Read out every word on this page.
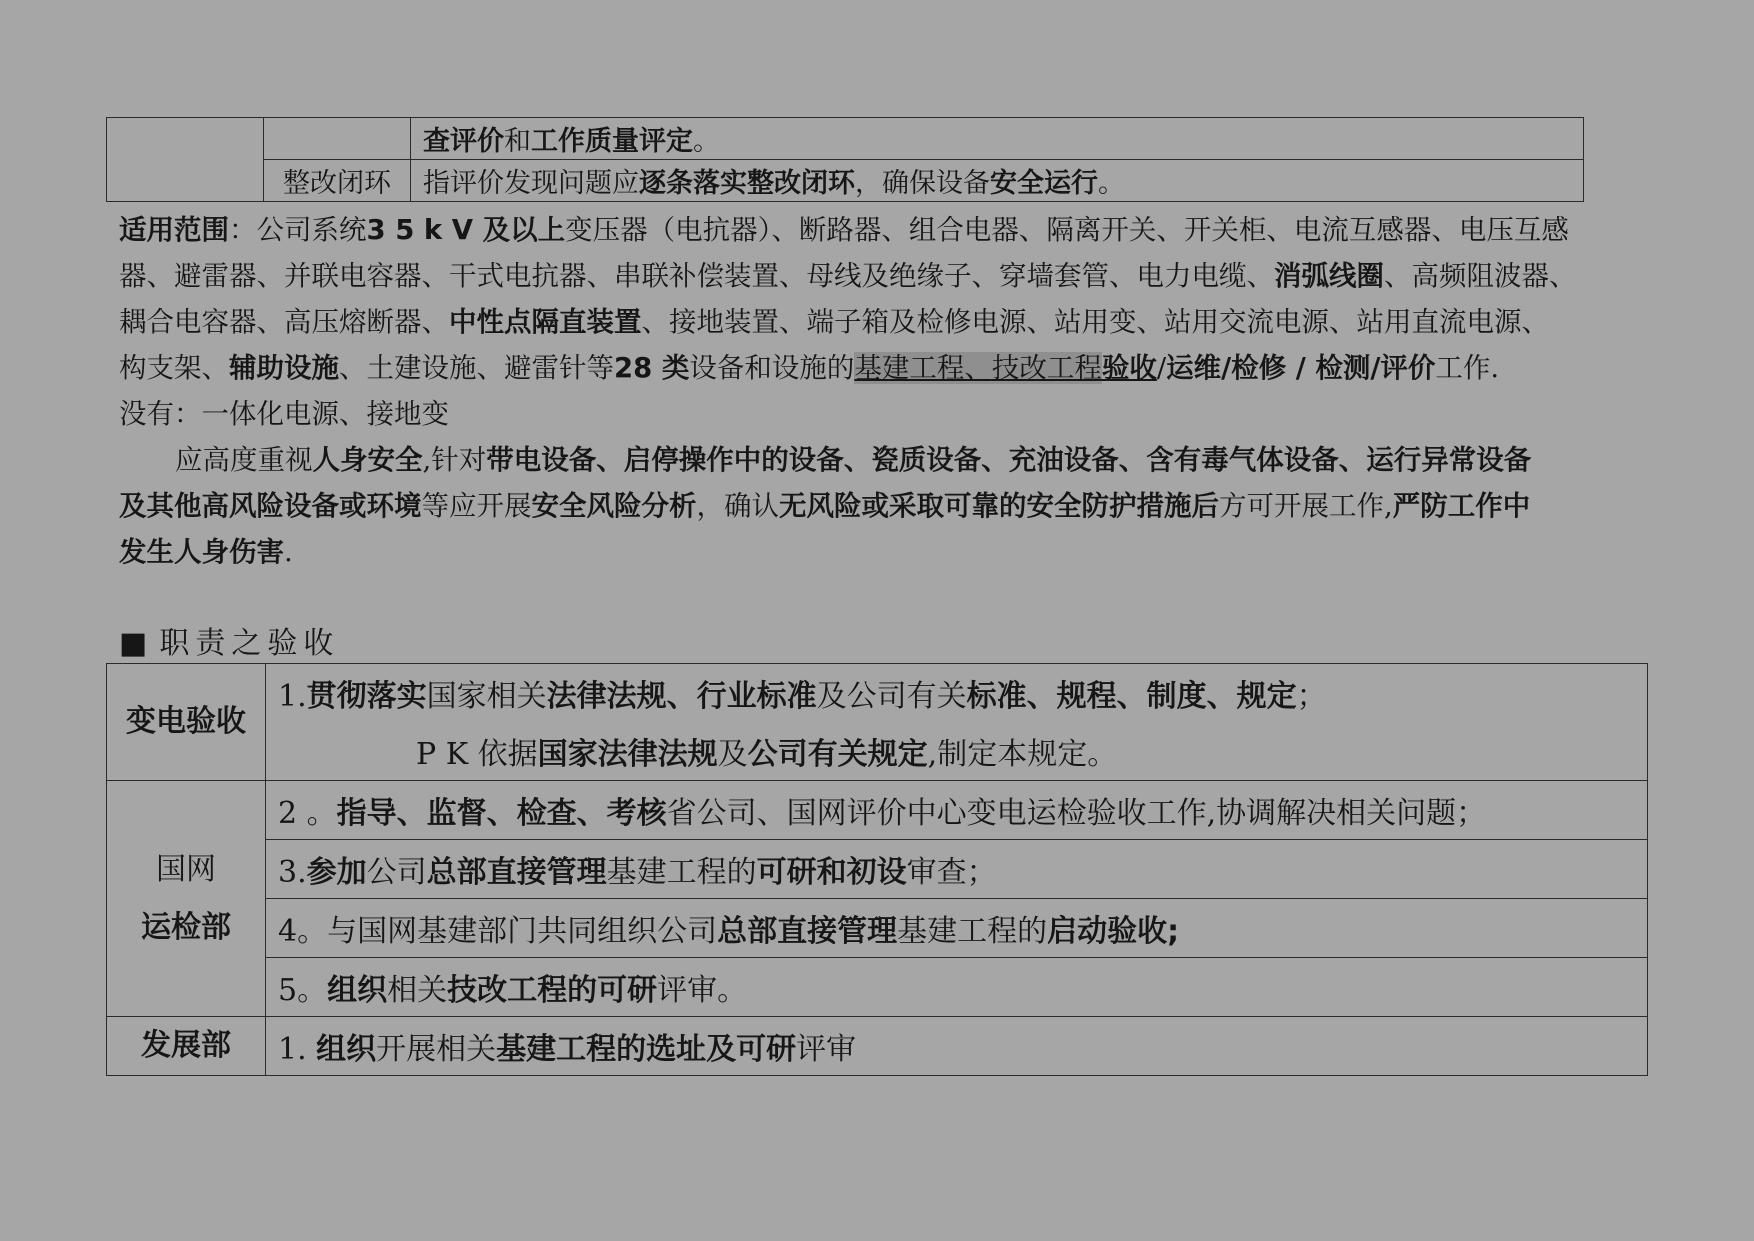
		查评价和工作质量评定。
	整改闭环	指评价发现问题应逐条落实整改闭环，确保设备安全运行。

适用范围：公司系统3 5 k V 及以上变压器（电抗器）、断路器、组合电器、隔离开关、开关柜、电流互感器、电压互感

器、避雷器、并联电容器、干式电抗器、串联补偿装置、母线及绝缘子、穿墙套管、电力电缆、消弧线圈、高频阻波器、

耦合电容器、高压熔断器、中性点隔直装置、接地装置、端子箱及检修电源、站用变、站用交流电源、站用直流电源、

构支架、辅助设施、土建设施、避雷针等28 类设备和设施的基建工程、技改工程验收/运维/检修 / 检测/评价工作.

没有：一体化电源、接地变

应高度重视人身安全,针对带电设备、启停操作中的设备、瓷质设备、充油设备、含有毒气体设备、运行异常设备

及其他高风险设备或环境等应开展安全风险分析，确认无风险或采取可靠的安全防护措施后方可开展工作,严防工作中

发生人身伤害.

■ 职责之验收
变电验收	1.贯彻落实国家相关法律法规、行业标准及公司有关标准、规程、制度、规定；
	P K 依据国家法律法规及公司有关规定,制定本规定。
国网
运检部	2 。指导、监督、检查、考核省公司、国网评价中心变电运检验收工作,协调解决相关问题；
	3.参加公司总部直接管理基建工程的可研和初设审查；
	4。与国网基建部门共同组织公司总部直接管理基建工程的启动验收;
	5。组织相关技改工程的可研评审。
发展部	1. 组织开展相关基建工程的选址及可研评审
